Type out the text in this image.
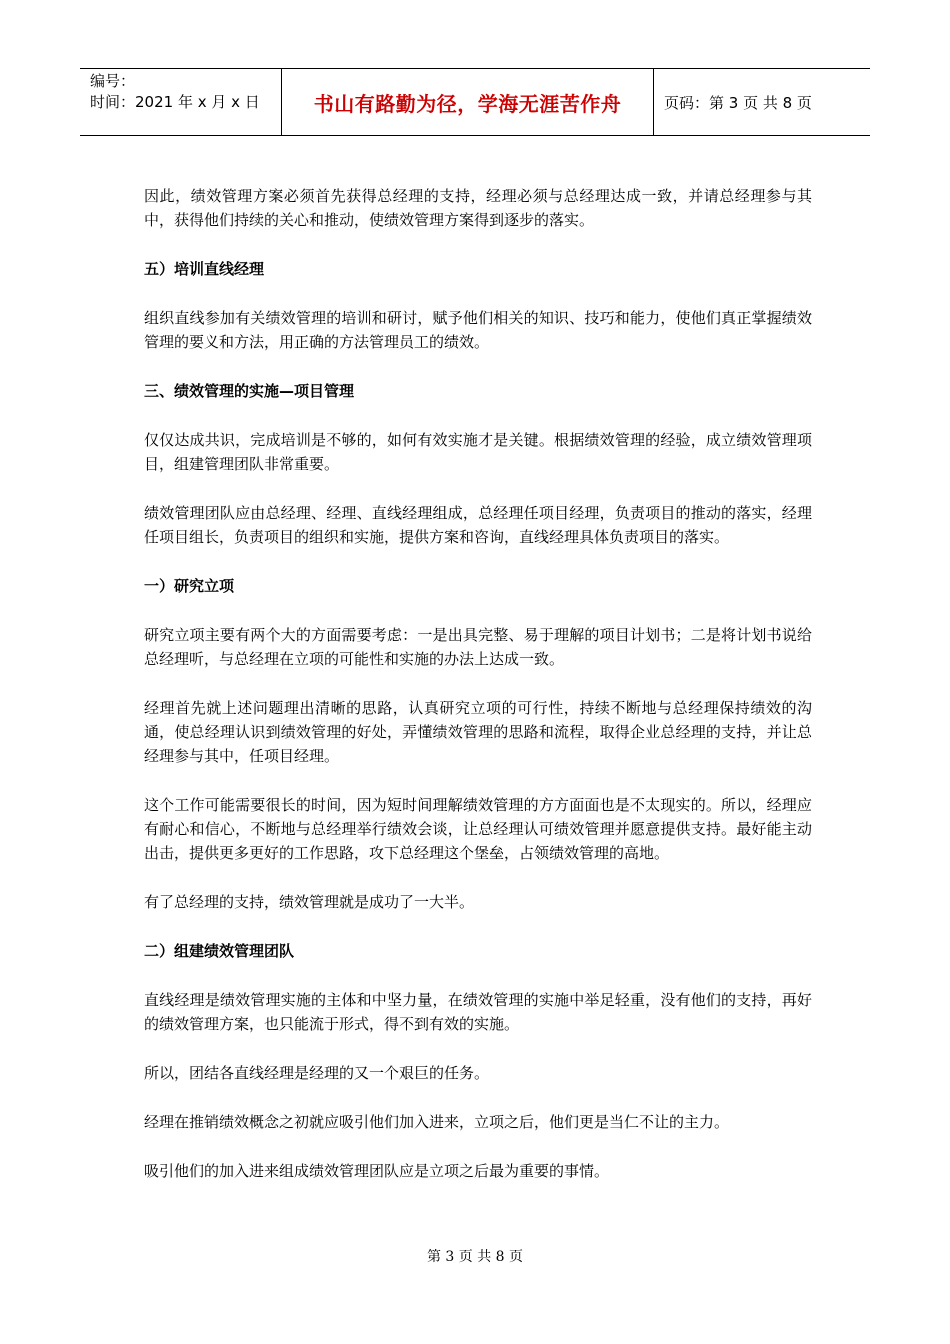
编号：
时间：2021 年 x 月 x 日	书山有路勤为径，学海无涯苦作舟	页码：第 3 页 共 8 页

因此，绩效管理方案必须首先获得总经理的支持，经理必须与总经理达成一致，并请总经理参与其中，获得他们持续的关心和推动，使绩效管理方案得到逐步的落实。

五）培训直线经理

组织直线参加有关绩效管理的培训和研讨，赋予他们相关的知识、技巧和能力，使他们真正掌握绩效管理的要义和方法，用正确的方法管理员工的绩效。

三、绩效管理的实施—项目管理

仅仅达成共识，完成培训是不够的，如何有效实施才是关键。根据绩效管理的经验，成立绩效管理项目，组建管理团队非常重要。

绩效管理团队应由总经理、经理、直线经理组成，总经理任项目经理，负责项目的推动的落实，经理任项目组长，负责项目的组织和实施，提供方案和咨询，直线经理具体负责项目的落实。

一）研究立项

研究立项主要有两个大的方面需要考虑：一是出具完整、易于理解的项目计划书；二是将计划书说给总经理听，与总经理在立项的可能性和实施的办法上达成一致。

经理首先就上述问题理出清晰的思路，认真研究立项的可行性，持续不断地与总经理保持绩效的沟通，使总经理认识到绩效管理的好处，弄懂绩效管理的思路和流程，取得企业总经理的支持，并让总经理参与其中，任项目经理。

这个工作可能需要很长的时间，因为短时间理解绩效管理的方方面面也是不太现实的。所以，经理应有耐心和信心，不断地与总经理举行绩效会谈，让总经理认可绩效管理并愿意提供支持。最好能主动出击，提供更多更好的工作思路，攻下总经理这个堡垒，占领绩效管理的高地。

有了总经理的支持，绩效管理就是成功了一大半。

二）组建绩效管理团队

直线经理是绩效管理实施的主体和中坚力量，在绩效管理的实施中举足轻重，没有他们的支持，再好的绩效管理方案，也只能流于形式，得不到有效的实施。

所以，团结各直线经理是经理的又一个艰巨的任务。

经理在推销绩效概念之初就应吸引他们加入进来，立项之后，他们更是当仁不让的主力。

吸引他们的加入进来组成绩效管理团队应是立项之后最为重要的事情。

第 3 页 共 8 页
